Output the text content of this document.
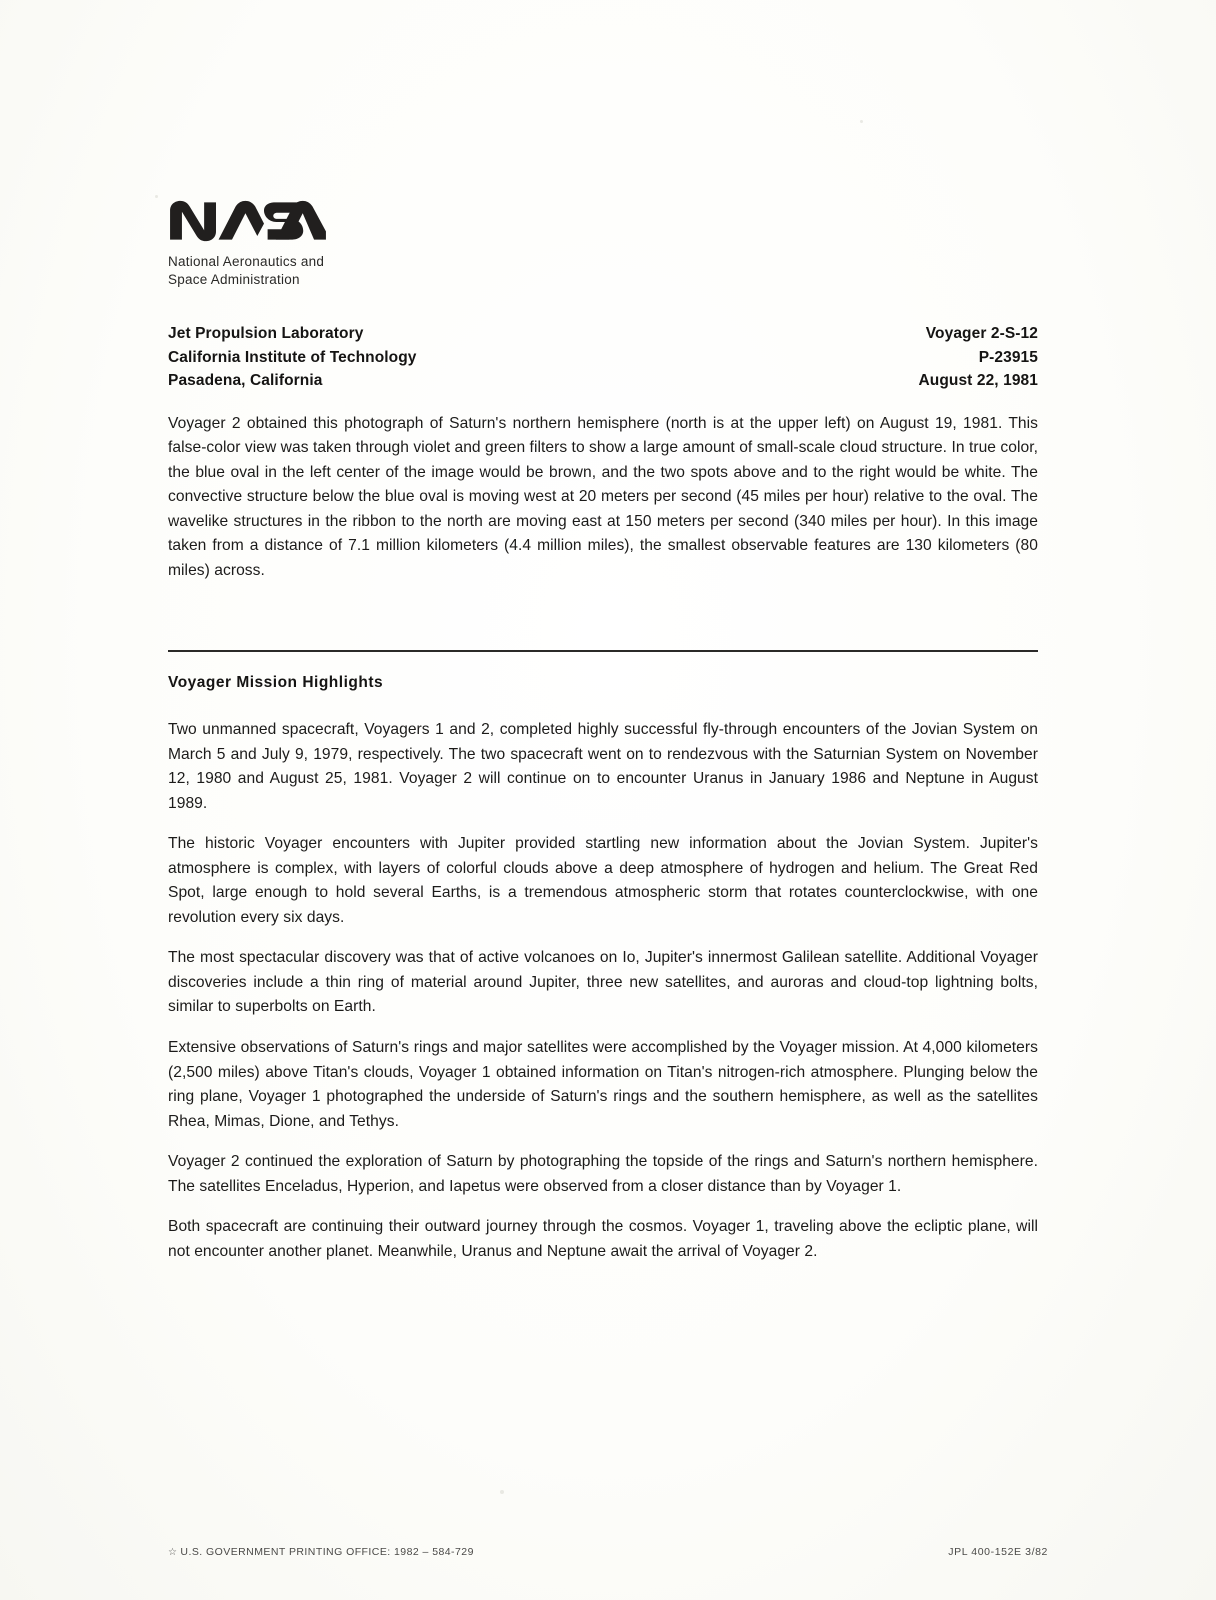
National Aeronautics and
Space Administration
Jet Propulsion Laboratory
California Institute of Technology
Pasadena, California
Voyager 2-S-12
P-23915
August 22, 1981
Voyager 2 obtained this photograph of Saturn's northern hemisphere (north is at the upper left) on August 19, 1981. This false-color view was taken through violet and green filters to show a large amount of small-scale cloud structure. In true color, the blue oval in the left center of the image would be brown, and the two spots above and to the right would be white. The convective structure below the blue oval is moving west at 20 meters per second (45 miles per hour) relative to the oval. The wavelike structures in the ribbon to the north are moving east at 150 meters per second (340 miles per hour). In this image taken from a distance of 7.1 million kilometers (4.4 million miles), the smallest observable features are 130 kilometers (80 miles) across.
Voyager Mission Highlights

Two unmanned spacecraft, Voyagers 1 and 2, completed highly successful fly-through encounters of the Jovian System on March 5 and July 9, 1979, respectively. The two spacecraft went on to rendezvous with the Saturnian System on November 12, 1980 and August 25, 1981. Voyager 2 will continue on to encounter Uranus in January 1986 and Neptune in August 1989.

The historic Voyager encounters with Jupiter provided startling new information about the Jovian System. Jupiter's atmosphere is complex, with layers of colorful clouds above a deep atmosphere of hydrogen and helium. The Great Red Spot, large enough to hold several Earths, is a tremendous atmospheric storm that rotates counterclockwise, with one revolution every six days.

The most spectacular discovery was that of active volcanoes on Io, Jupiter's innermost Galilean satellite. Additional Voyager discoveries include a thin ring of material around Jupiter, three new satellites, and auroras and cloud-top lightning bolts, similar to superbolts on Earth.

Extensive observations of Saturn's rings and major satellites were accomplished by the Voyager mission. At 4,000 kilometers (2,500 miles) above Titan's clouds, Voyager 1 obtained information on Titan's nitrogen-rich atmosphere. Plunging below the ring plane, Voyager 1 photographed the underside of Saturn's rings and the southern hemisphere, as well as the satellites Rhea, Mimas, Dione, and Tethys.

Voyager 2 continued the exploration of Saturn by photographing the topside of the rings and Saturn's northern hemisphere. The satellites Enceladus, Hyperion, and Iapetus were observed from a closer distance than by Voyager 1.

Both spacecraft are continuing their outward journey through the cosmos. Voyager 1, traveling above the ecliptic plane, will not encounter another planet. Meanwhile, Uranus and Neptune await the arrival of Voyager 2.

☆ U.S. GOVERNMENT PRINTING OFFICE: 1982 – 584-729	JPL 400-152E 3/82
